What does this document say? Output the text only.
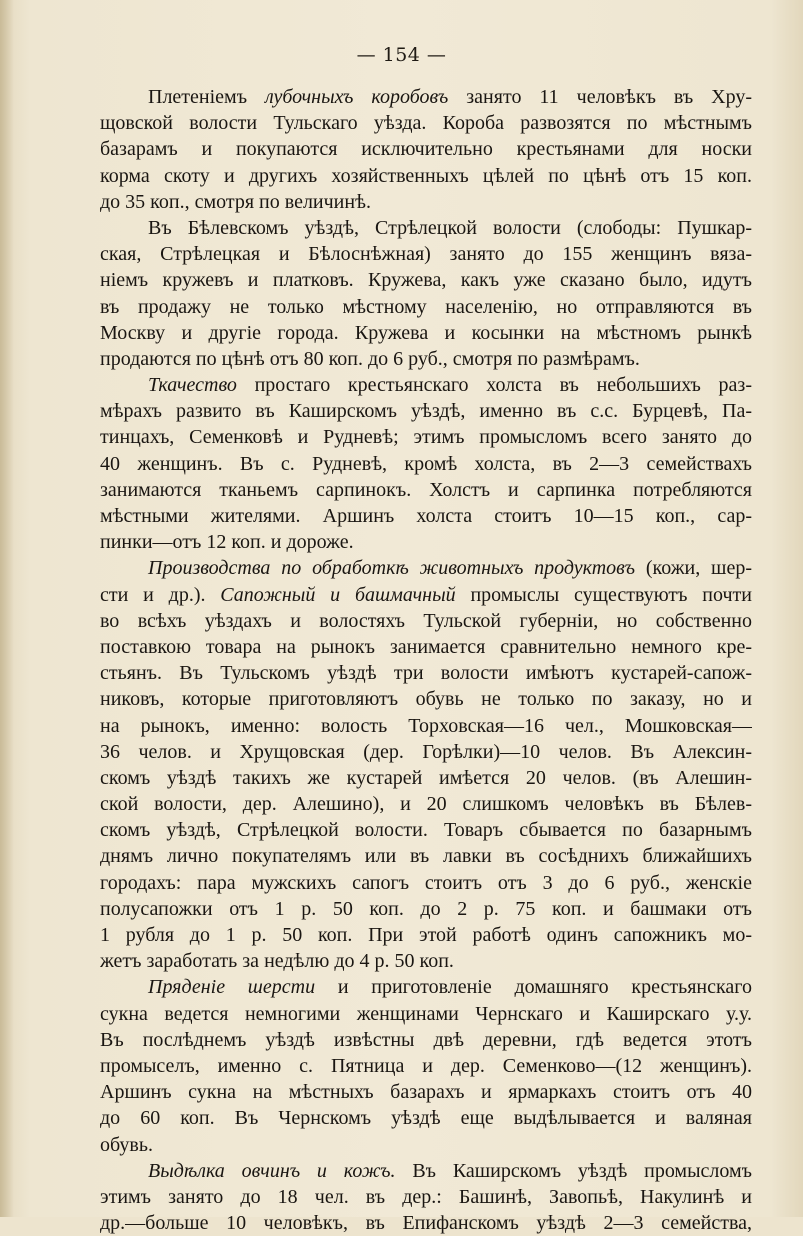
— 154 —
Плетеніемъ лубочныхъ коробовъ занято 11 человѣкъ въ Хру-
щовской волости Тульскаго уѣзда. Короба развозятся по мѣстнымъ
базарамъ и покупаются исключительно крестьянами для носки
корма скоту и другихъ хозяйственныхъ цѣлей по цѣнѣ отъ 15 коп.
до 35 коп., смотря по величинѣ.
Въ Бѣлевскомъ уѣздѣ, Стрѣлецкой волости (слободы: Пушкар-
ская, Стрѣлецкая и Бѣлоснѣжная) занято до 155 женщинъ вяза-
ніемъ кружевъ и платковъ. Кружева, какъ уже сказано было, идутъ
въ продажу не только мѣстному населенію, но отправляются въ
Москву и другіе города. Кружева и косынки на мѣстномъ рынкѣ
продаются по цѣнѣ отъ 80 коп. до 6 руб., смотря по размѣрамъ.
Ткачество простаго крестьянскаго холста въ небольшихъ раз-
мѣрахъ развито въ Каширскомъ уѣздѣ, именно въ с.с. Бурцевѣ, Па-
тинцахъ, Семенковѣ и Рудневѣ; этимъ промысломъ всего занято до
40 женщинъ. Въ с. Рудневѣ, кромѣ холста, въ 2—3 семействахъ
занимаются тканьемъ сарпинокъ. Холстъ и сарпинка потребляются
мѣстными жителями. Аршинъ холста стоитъ 10—15 коп., сар-
пинки—отъ 12 коп. и дороже.
Производства по обработкѣ животныхъ продуктовъ (кожи, шер-
сти и др.). Сапожный и башмачный промыслы существуютъ почти
во всѣхъ уѣздахъ и волостяхъ Тульской губерніи, но собственно
поставкою товара на рынокъ занимается сравнительно немного кре-
стьянъ. Въ Тульскомъ уѣздѣ три волости имѣютъ кустарей-сапож-
никовъ, которые приготовляютъ обувь не только по заказу, но и
на рынокъ, именно: волость Торховская—16 чел., Мошковская—
36 челов. и Хрущовская (дер. Горѣлки)—10 челов. Въ Алексин-
скомъ уѣздѣ такихъ же кустарей имѣется 20 челов. (въ Алешин-
ской волости, дер. Алешино), и 20 слишкомъ человѣкъ въ Бѣлев-
скомъ уѣздѣ, Стрѣлецкой волости. Товаръ сбывается по базарнымъ
днямъ лично покупателямъ или въ лавки въ сосѣднихъ ближайшихъ
городахъ: пара мужскихъ сапогъ стоитъ отъ 3 до 6 руб., женскіе
полусапожки отъ 1 р. 50 коп. до 2 р. 75 коп. и башмаки отъ
1 рубля до 1 р. 50 коп. При этой работѣ одинъ сапожникъ мо-
жетъ заработать за недѣлю до 4 р. 50 коп.
Пряденіе шерсти и приготовленіе домашняго крестьянскаго
сукна ведется немногими женщинами Чернскаго и Каширскаго у.у.
Въ послѣднемъ уѣздѣ извѣстны двѣ деревни, гдѣ ведется этотъ
промыселъ, именно с. Пятница и дер. Семенково—(12 женщинъ).
Аршинъ сукна на мѣстныхъ базарахъ и ярмаркахъ стоитъ отъ 40
до 60 коп. Въ Чернскомъ уѣздѣ еще выдѣлывается и валяная
обувь.
Выдѣлка овчинъ и кожъ. Въ Каширскомъ уѣздѣ промысломъ
этимъ занято до 18 чел. въ дер.: Башинѣ, Завопьѣ, Накулинѣ и
др.—больше 10 человѣкъ, въ Епифанскомъ уѣздѣ 2—3 семейства,
